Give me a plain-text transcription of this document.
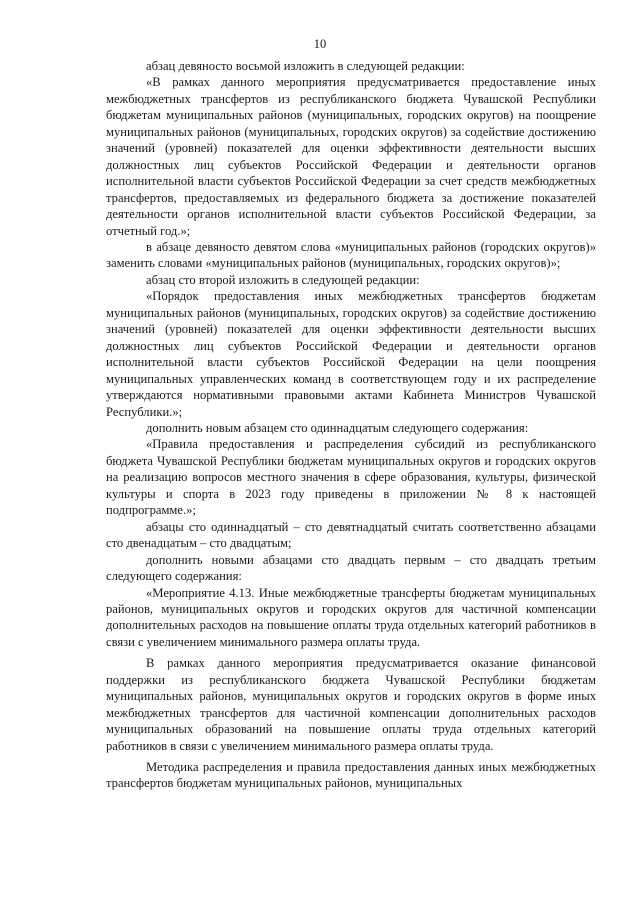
10

абзац девяносто восьмой изложить в следующей редакции:

«В рамках данного мероприятия предусматривается предоставление иных межбюджетных трансфертов из республиканского бюджета Чувашской Республики бюджетам муниципальных районов (муниципальных, городских округов) на поощрение муниципальных районов (муниципальных, городских округов) за содействие достижению значений (уровней) показателей для оценки эффективности деятельности высших должностных лиц субъектов Российской Федерации и деятельности органов исполнительной власти субъектов Российской Федерации за счет средств межбюджетных трансфертов, предоставляемых из федерального бюджета за достижение показателей деятельности органов исполнительной власти субъектов Российской Федерации, за отчетный год.»;

в абзаце девяносто девятом слова «муниципальных районов (городских округов)» заменить словами «муниципальных районов (муниципальных, городских округов)»;

абзац сто второй изложить в следующей редакции:

«Порядок предоставления иных межбюджетных трансфертов бюджетам муниципальных районов (муниципальных, городских округов) за содействие достижению значений (уровней) показателей для оценки эффективности деятельности высших должностных лиц субъектов Российской Федерации и деятельности органов исполнительной власти субъектов Российской Федерации на цели поощрения муниципальных управленческих команд в соответствующем году и их распределение утверждаются нормативными правовыми актами Кабинета Министров Чувашской Республики.»;

дополнить новым абзацем сто одиннадцатым следующего содержания:

«Правила предоставления и распределения субсидий из республиканского бюджета Чувашской Республики бюджетам муниципальных округов и городских округов на реализацию вопросов местного значения в сфере образования, культуры, физической культуры и спорта в 2023 году приведены в приложении № 8 к настоящей подпрограмме.»;

абзацы сто одиннадцатый – сто девятнадцатый считать соответственно абзацами сто двенадцатым – сто двадцатым;

дополнить новыми абзацами сто двадцать первым – сто двадцать третьим следующего содержания:

«Мероприятие 4.13. Иные межбюджетные трансферты бюджетам муниципальных районов, муниципальных округов и городских округов для частичной компенсации дополнительных расходов на повышение оплаты труда отдельных категорий работников в связи с увеличением минимального размера оплаты труда.

В рамках данного мероприятия предусматривается оказание финансовой поддержки из республиканского бюджета Чувашской Республики бюджетам муниципальных районов, муниципальных округов и городских округов в форме иных межбюджетных трансфертов для частичной компенсации дополнительных расходов муниципальных образований на повышение оплаты труда отдельных категорий работников в связи с увеличением минимального размера оплаты труда.

Методика распределения и правила предоставления данных иных межбюджетных трансфертов бюджетам муниципальных районов, муниципальных
